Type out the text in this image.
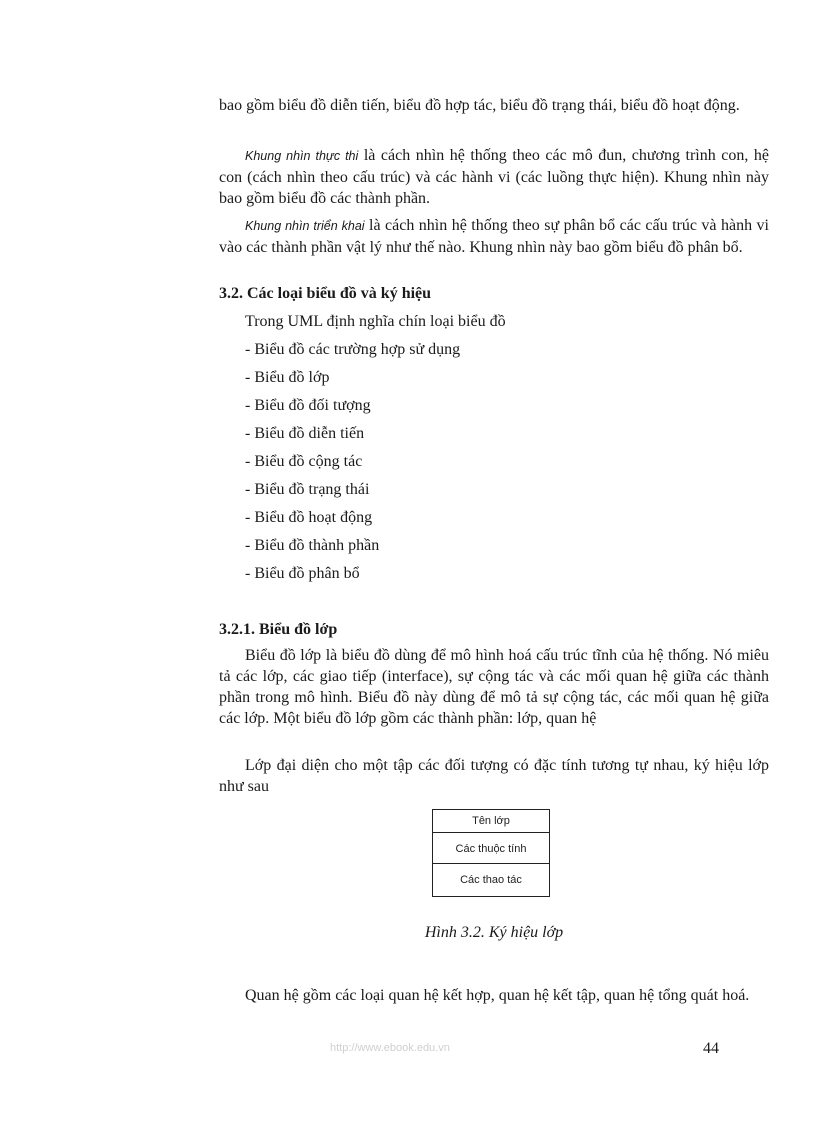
bao gồm biểu đồ diễn tiến, biểu đồ hợp tác, biểu đồ trạng thái, biểu đồ hoạt động.

Khung nhìn thực thi là cách nhìn hệ thống theo các mô đun, chương trình con, hệ con (cách nhìn theo cấu trúc) và các hành vi (các luồng thực hiện). Khung nhìn này bao gồm biểu đồ các thành phần.

Khung nhìn triển khai là cách nhìn hệ thống theo sự phân bổ các cấu trúc và hành vi vào các thành phần vật lý như thế nào. Khung nhìn này bao gồm biểu đồ phân bổ.

3.2. Các loại biểu đồ và ký hiệu
Trong UML định nghĩa chín loại biểu đồ
- Biểu đồ các trường hợp sử dụng
- Biểu đồ lớp
- Biểu đồ đối tượng
- Biểu đồ diễn tiến
- Biểu đồ cộng tác
- Biểu đồ trạng thái
- Biểu đồ hoạt động
- Biểu đồ thành phần
- Biểu đồ phân bổ
3.2.1. Biểu đồ lớp

Biểu đồ lớp là biểu đồ dùng để mô hình hoá cấu trúc tĩnh của hệ thống. Nó miêu tả các lớp, các giao tiếp (interface), sự cộng tác và các mối quan hệ giữa các thành phần trong mô hình. Biểu đồ này dùng để mô tả sự cộng tác, các mối quan hệ giữa các lớp. Một biểu đồ lớp gồm các thành phần: lớp, quan hệ

Lớp đại diện cho một tập các đối tượng có đặc tính tương tự nhau, ký hiệu lớp như sau

Tên lớp
Các thuộc tính
Các thao tác
Hình 3.2. Ký hiệu lớp

Quan hệ gồm các loại quan hệ kết hợp, quan hệ kết tập, quan hệ tổng quát hoá.

http://www.ebook.edu.vn	44
